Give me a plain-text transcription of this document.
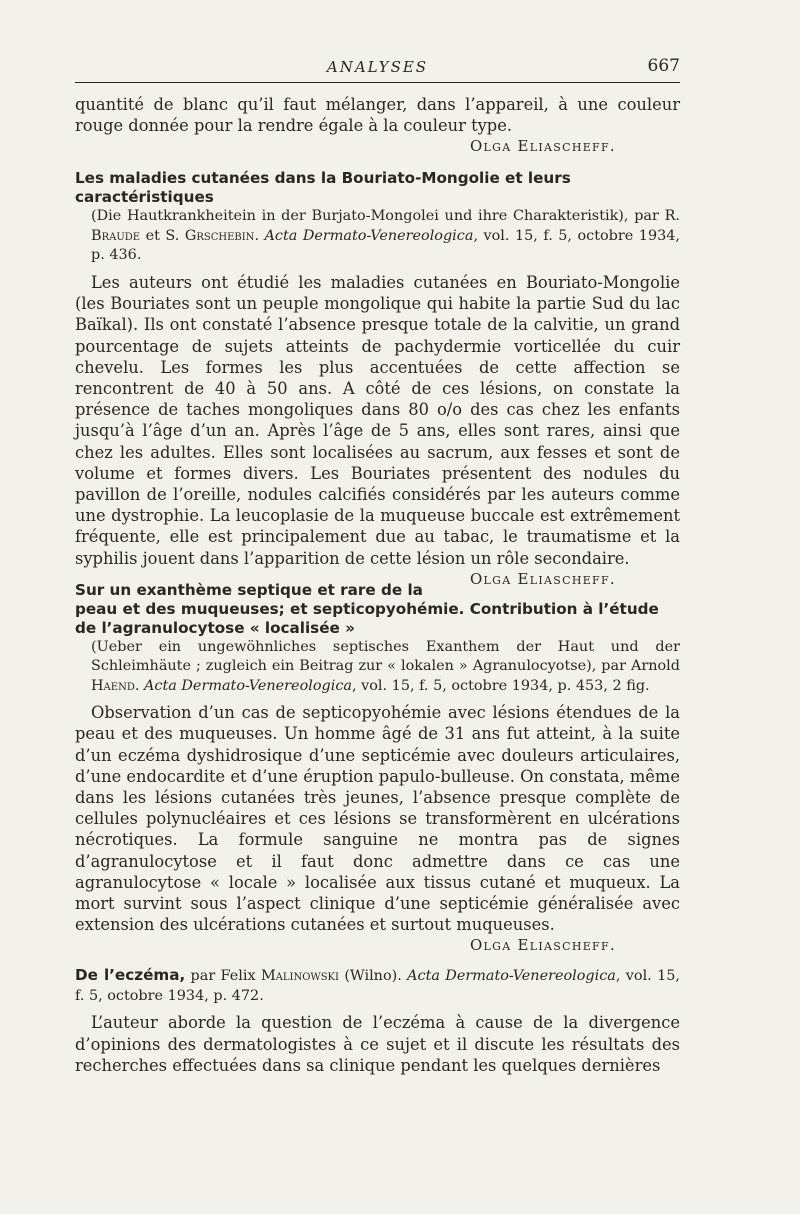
ANALYSES	667

quantité de blanc qu’il faut mélanger, dans l’appareil, à une couleur rouge donnée pour la rendre égale à la couleur type.

Olga Eliascheff.
Les maladies cutanées dans la Bouriato-Mongolie et leurs caractéristiques
(Die Hautkrankheitein in der Burjato-Mongolei und ihre Charakteristik), par R. Braude et S. Grschebin. Acta Dermato-Venereologica, vol. 15, f. 5, octobre 1934, p. 436.

Les auteurs ont étudié les maladies cutanées en Bouriato-Mongolie (les Bouriates sont un peuple mongolique qui habite la partie Sud du lac Baïkal). Ils ont constaté l’absence presque totale de la calvitie, un grand pourcentage de sujets atteints de pachydermie vorticellée du cuir chevelu. Les formes les plus accentuées de cette affection se rencontrent de 40 à 50 ans. A côté de ces lésions, on constate la présence de taches mongoliques dans 80 o/o des cas chez les enfants jusqu’à l’âge d’un an. Après l’âge de 5 ans, elles sont rares, ainsi que chez les adultes. Elles sont localisées au sacrum, aux fesses et sont de volume et formes divers. Les Bouriates présentent des nodules du pavillon de l’oreille, nodules calcifiés considérés par les auteurs comme une dystrophie. La leucoplasie de la muqueuse buccale est extrêmement fréquente, elle est principalement due au tabac, le traumatisme et la syphilis jouent dans l’apparition de cette lésion un rôle secondaire.
Olga Eliascheff.

Sur un exanthème septique et rare de la peau et des muqueuses; et septicopyohémie. Contribution à l’étude de l’agranulocytose « localisée »
(Ueber ein ungewöhnliches septisches Exanthem der Haut und der Schleimhäute ; zugleich ein Beitrag zur « lokalen » Agranulocyotse), par Arnold Haend. Acta Dermato-Venereologica, vol. 15, f. 5, octobre 1934, p. 453, 2 fig.

Observation d’un cas de septicopyohémie avec lésions étendues de la peau et des muqueuses. Un homme âgé de 31 ans fut atteint, à la suite d’un eczéma dyshidrosique d’une septicémie avec douleurs articulaires, d’une endocardite et d’une éruption papulo-bulleuse. On constata, même dans les lésions cutanées très jeunes, l’absence presque complète de cellules polynucléaires et ces lésions se transformèrent en ulcérations nécrotiques. La formule sanguine ne montra pas de signes d’agranulocytose et il faut donc admettre dans ce cas une agranulocytose « locale » localisée aux tissus cutané et muqueux. La mort survint sous l’aspect clinique d’une septicémie généralisée avec extension des ulcérations cutanées et surtout muqueuses.

Olga Eliascheff.
De l’eczéma, par Felix Malinowski (Wilno). Acta Dermato-Venereologica, vol. 15, f. 5, octobre 1934, p. 472.

L’auteur aborde la question de l’eczéma à cause de la divergence d’opinions des dermatologistes à ce sujet et il discute les résultats des recherches effectuées dans sa clinique pendant les quelques dernières
